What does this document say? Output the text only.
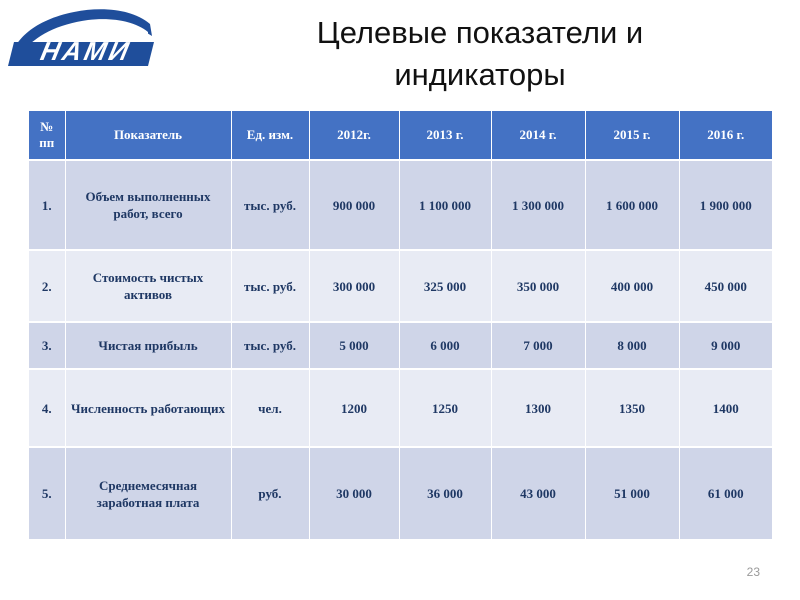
НАМИ
Целевые показатели и
индикаторы
№ пп	Показатель	Ед. изм.	2012г.	2013 г.	2014 г.	2015 г.	2016 г.
1.	Объем выполненных работ, всего	тыс. руб.	900 000	1 100 000	1 300 000	1 600 000	1 900 000
2.	Стоимость чистых активов	тыс. руб.	300 000	325 000	350 000	400 000	450 000
3.	Чистая прибыль	тыс. руб.	5 000	6 000	7 000	8 000	9 000
4.	Численность работающих	чел.	1200	1250	1300	1350	1400
5.	Среднемесячная заработная плата	руб.	30 000	36 000	43 000	51 000	61 000
23
